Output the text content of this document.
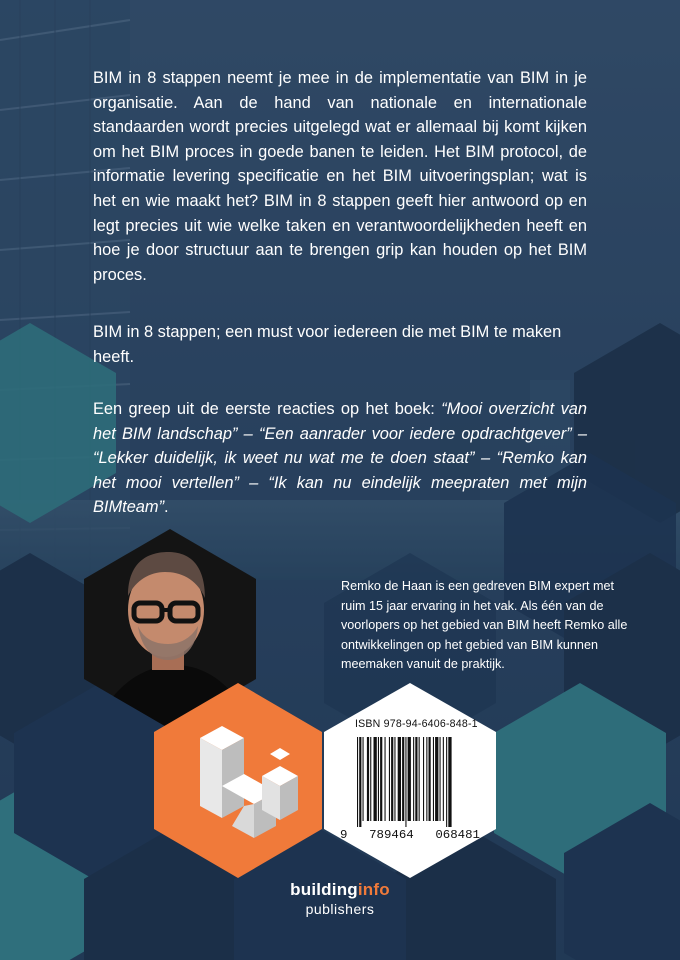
BIM in 8 stappen neemt je mee in de implementatie van BIM in je organisatie. Aan de hand van nationale en internationale standaarden wordt precies uitgelegd wat er allemaal bij komt kijken om het BIM proces in goede banen te leiden. Het BIM protocol, de informatie levering specificatie en het BIM uitvoeringsplan; wat is het en wie maakt het? BIM in 8 stappen geeft hier antwoord op en legt precies uit wie welke taken en verantwoordelijkheden heeft en hoe je door structuur aan te brengen grip kan houden op het BIM proces.

BIM in 8 stappen; een must voor iedereen die met BIM te maken heeft.

Een greep uit de eerste reacties op het boek: “Mooi overzicht van het BIM landschap” – “Een aanrader voor iedere opdrachtgever” – “Lekker duidelijk, ik weet nu wat me te doen staat” – “Remko kan het mooi vertellen” – “Ik kan nu eindelijk meepraten met mijn BIMteam”.

Remko de Haan is een gedreven BIM expert met ruim 15 jaar ervaring in het vak. Als één van de voorlopers op het gebied van BIM heeft Remko alle ontwikkelingen op het gebied van BIM kunnen meemaken vanuit de praktijk.

ISBN 978-94-6406-848-1
9 789464 068481
buildinginfo
publishers
